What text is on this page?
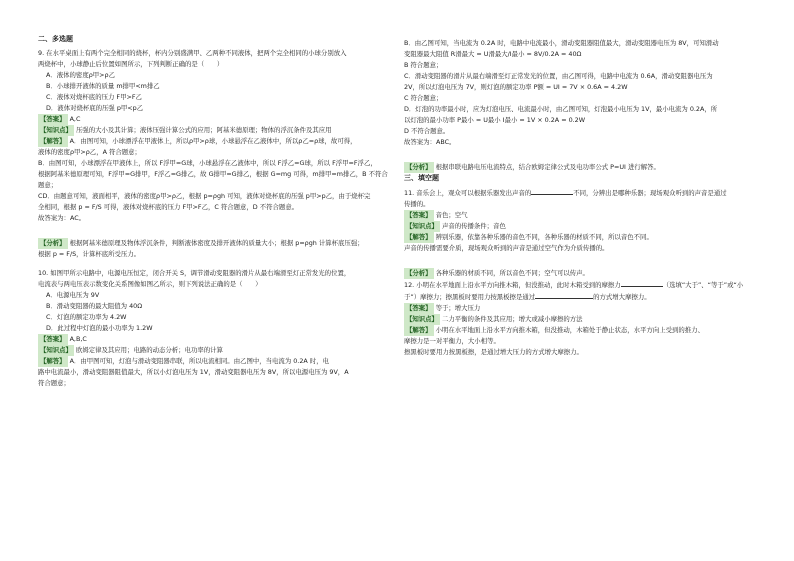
二、多选题

9. 在水平桌面上有两个完全相同的烧杯，杯内分别盛满甲、乙两种不同液体，把两个完全相同的小球分别放入

两烧杯中，小球静止后位置如图所示，下列判断正确的是（　　）

A．液体的密度ρ甲>ρ乙

B．小球排开液体的质量 m排甲<m排乙

C．液体对烧杯底的压力 F甲>F乙

D．液体对烧杯底的压强 p甲<p乙

【答案】 A,C

【知识点】 压强的大小及其计算；液体压强计算公式的应用；阿基米德原理；物体的浮沉条件及其应用

【解答】 A．由图可知，小球漂浮在甲液体上，所以ρ甲>ρ球，小球悬浮在乙液体中，所以ρ乙=ρ球，故可得，

液体的密度ρ甲>ρ乙，A 符合题意；

B．由图可知，小球漂浮在甲液体上，所以 F浮甲=G球，小球悬浮在乙液体中，所以 F浮乙=G球，所以 F浮甲=F浮乙，

根据阿基米德原理可知，F浮甲=G排甲，F浮乙=G排乙，故 G排甲=G排乙，根据 G=mg 可得，m排甲=m排乙，B 不符合题意；

CD．由题意可知，液面相平，液体的密度ρ甲>ρ乙，根据 p=ρgh 可知，液体对烧杯底的压强 p甲>p乙，由于烧杯完

全相同，根据 p = F/S 可得，液体对烧杯底的压力 F甲>F乙，C 符合题意，D 不符合题意。

故答案为：AC。

【分析】 根据阿基米德原理及物体浮沉条件，判断液体密度及排开液体的质量大小；根据 p=ρgh 计算杯底压强；

根据 p = F/S，计算杯底所受压力。

10. 如图甲所示电路中，电源电压恒定，闭合开关 S，调节滑动变阻器的滑片从最右端滑至灯正常发光的位置，

电流表与两电压表示数变化关系图像如图乙所示，则下列说法正确的是（　　）

A．电源电压为 9V

B．滑动变阻器的最大阻值为 40Ω

C．灯泡的额定功率为 4.2W

D．此过程中灯泡的最小功率为 1.2W

【答案】 A,B,C

【知识点】 欧姆定律及其应用；电路的动态分析；电功率的计算

【解答】 A．由甲图可知，灯泡与滑动变阻器串联，所以电流相同。由乙图中，当电流为 0.2A 时，电

路中电流最小，滑动变阻器阻值最大，所以小灯泡电压为 1V，滑动变阻器电压为 8V，所以电源电压为 9V，A

符合题意；

B．由乙图可知，当电流为 0.2A 时，电路中电流最小，滑动变阻器阻值最大，滑动变阻器电压为 8V，可知滑动

变阻器最大阻值 R滑最大 = U滑最大/I最小 = 8V/0.2A = 40Ω

B 符合题意；

C．滑动变阻器的滑片从最右端滑至灯正常发光的位置，由乙图可得，电路中电流为 0.6A，滑动变阻器电压为

2V，所以灯泡电压为 7V，则灯泡的额定功率 P额 = UI = 7V × 0.6A = 4.2W

C 符合题意；

D．灯泡的功率最小时，应为灯泡电压、电流最小时，由乙图可知，灯泡最小电压为 1V，最小电流为 0.2A，所

以灯泡的最小功率 P最小 = U最小 I最小 = 1V × 0.2A = 0.2W

D 不符合题意。

故答案为：ABC。

【分析】 根据串联电路电压电流特点，结合欧姆定律公式及电功率公式 P=UI 进行解答。

三、填空题

11. 音乐会上，观众可以根据乐器发出声音的	不同，分辨出是哪种乐器；现场观众听到的声音是通过

传播的。

【答案】 音色；空气

【知识点】 声音的传播条件；音色

【解答】 辨别乐器，依靠各种乐器的音色不同，各种乐器的材质不同，所以音色不同。

声音的传播需要介质，现场观众听到的声音是通过空气作为介质传播的。

【分析】 各种乐器的材质不同，所以音色不同；空气可以传声。

12. 小明在水平地面上沿水平方向推木箱，但没推动，此时木箱受到的摩擦力	（选填“大于”、“等于”或“小

于”）摩擦力；擦黑板时要用力按黑板擦是通过	的方式增大摩擦力。

【答案】 等于；增大压力

【知识点】 二力平衡的条件及其应用；增大或减小摩擦的方法

【解答】 小明在水平地面上沿水平方向推木箱，但没推动，木箱处于静止状态，水平方向上受到的推力、

摩擦力是一对平衡力，大小相等。

擦黑板时要用力按黑板擦，是通过增大压力的方式增大摩擦力。
